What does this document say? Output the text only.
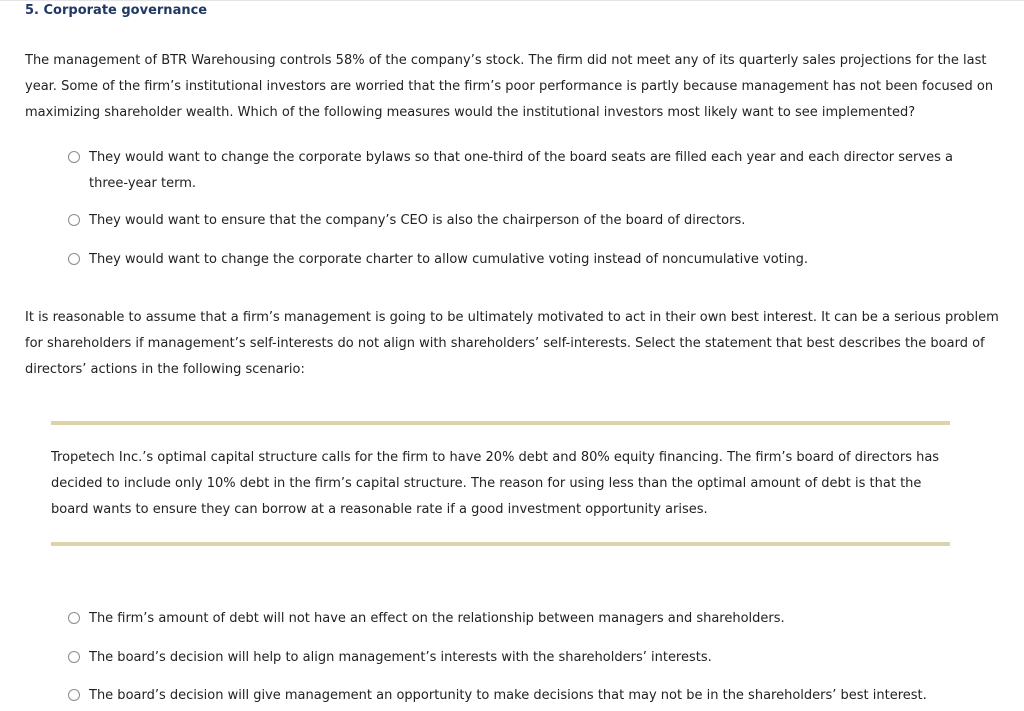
5. Corporate governance
The management of BTR Warehousing controls 58% of the company’s stock. The firm did not meet any of its quarterly sales projections for the last year. Some of the firm’s institutional investors are worried that the firm’s poor performance is partly because management has not been focused on maximizing shareholder wealth. Which of the following measures would the institutional investors most likely want to see implemented?
They would want to change the corporate bylaws so that one-third of the board seats are filled each year and each director serves a three-year term.
They would want to ensure that the company’s CEO is also the chairperson of the board of directors.
They would want to change the corporate charter to allow cumulative voting instead of noncumulative voting.
It is reasonable to assume that a firm’s management is going to be ultimately motivated to act in their own best interest. It can be a serious problem for shareholders if management’s self-interests do not align with shareholders’ self-interests. Select the statement that best describes the board of directors’ actions in the following scenario:
Tropetech Inc.’s optimal capital structure calls for the firm to have 20% debt and 80% equity financing. The firm’s board of directors has decided to include only 10% debt in the firm’s capital structure. The reason for using less than the optimal amount of debt is that the board wants to ensure they can borrow at a reasonable rate if a good investment opportunity arises.
The firm’s amount of debt will not have an effect on the relationship between managers and shareholders.
The board’s decision will help to align management’s interests with the shareholders’ interests.
The board’s decision will give management an opportunity to make decisions that may not be in the shareholders’ best interest.
